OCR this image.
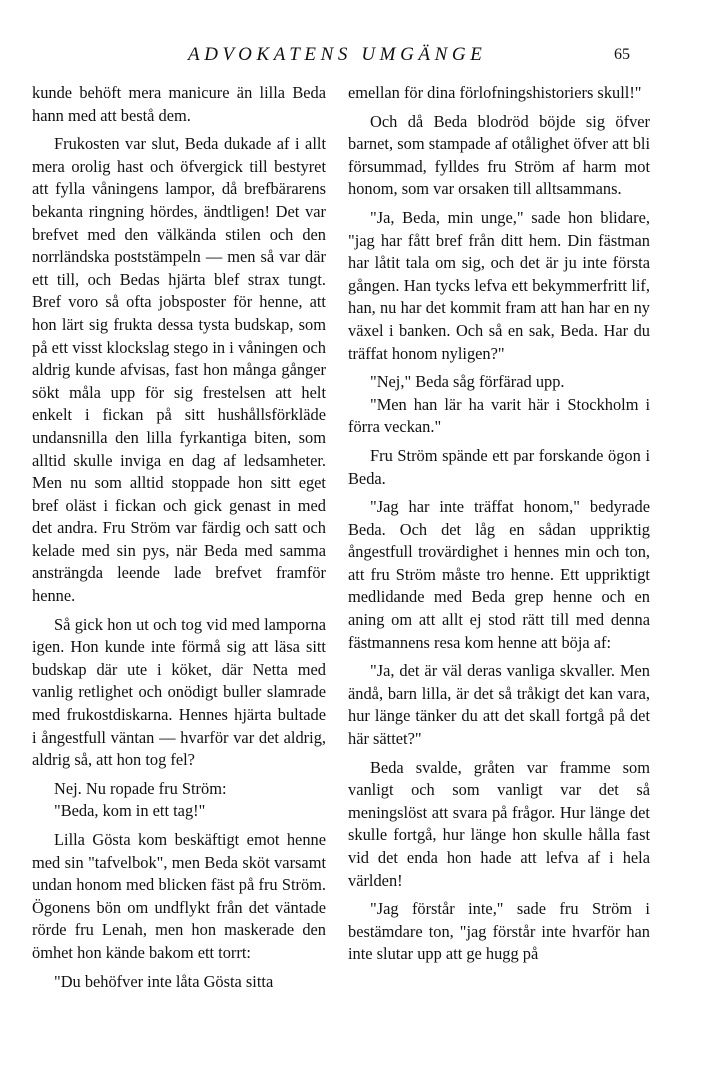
ADVOKATENS UMGÄNGE	65

kunde behöft mera manicure än lilla Beda hann med att bestå dem.

Frukosten var slut, Beda dukade af i allt mera orolig hast och öfvergick till bestyret att fylla våningens lampor, då brefbärarens bekanta ringning hördes, ändtligen! Det var brefvet med den välkända stilen och den norrländska poststämpeln — men så var där ett till, och Bedas hjärta blef strax tungt. Bref voro så ofta jobsposter för henne, att hon lärt sig frukta dessa tysta budskap, som på ett visst klockslag stego in i våningen och aldrig kunde afvisas, fast hon många gånger sökt måla upp för sig frestelsen att helt enkelt i fickan på sitt hushållsförkläde undansnilla den lilla fyrkantiga biten, som alltid skulle inviga en dag af ledsamheter. Men nu som alltid stoppade hon sitt eget bref oläst i fickan och gick genast in med det andra. Fru Ström var färdig och satt och kelade med sin pys, när Beda med samma ansträngda leende lade brefvet framför henne.

Så gick hon ut och tog vid med lamporna igen. Hon kunde inte förmå sig att läsa sitt budskap där ute i köket, där Netta med vanlig retlighet och onödigt buller slamrade med frukostdiskarna. Hennes hjärta bultade i ångestfull väntan — hvarför var det aldrig, aldrig så, att hon tog fel?

Nej. Nu ropade fru Ström:

"Beda, kom in ett tag!"

Lilla Gösta kom beskäftigt emot henne med sin "tafvelbok", men Beda sköt varsamt undan honom med blicken fäst på fru Ström. Ögonens bön om undflykt från det väntade rörde fru Lenah, men hon maskerade den ömhet hon kände bakom ett torrt:

"Du behöfver inte låta Gösta sitta

emellan för dina förlofningshistoriers skull!"

Och då Beda blodröd böjde sig öfver barnet, som stampade af otålighet öfver att bli försummad, fylldes fru Ström af harm mot honom, som var orsaken till alltsammans.

"Ja, Beda, min unge," sade hon blidare, "jag har fått bref från ditt hem. Din fästman har låtit tala om sig, och det är ju inte första gången. Han tycks lefva ett bekymmerfritt lif, han, nu har det kommit fram att han har en ny växel i banken. Och så en sak, Beda. Har du träffat honom nyligen?"

"Nej," Beda såg förfärad upp.

"Men han lär ha varit här i Stockholm i förra veckan."

Fru Ström spände ett par forskande ögon i Beda.

"Jag har inte träffat honom," bedyrade Beda. Och det låg en sådan uppriktig ångestfull trovärdighet i hennes min och ton, att fru Ström måste tro henne. Ett uppriktigt medlidande med Beda grep henne och en aning om att allt ej stod rätt till med denna fästmannens resa kom henne att böja af:

"Ja, det är väl deras vanliga skvaller. Men ändå, barn lilla, är det så tråkigt det kan vara, hur länge tänker du att det skall fortgå på det här sättet?"

Beda svalde, gråten var framme som vanligt och som vanligt var det så meningslöst att svara på frågor. Hur länge det skulle fortgå, hur länge hon skulle hålla fast vid det enda hon hade att lefva af i hela världen!

"Jag förstår inte," sade fru Ström i bestämdare ton, "jag förstår inte hvarför han inte slutar upp att ge hugg på
